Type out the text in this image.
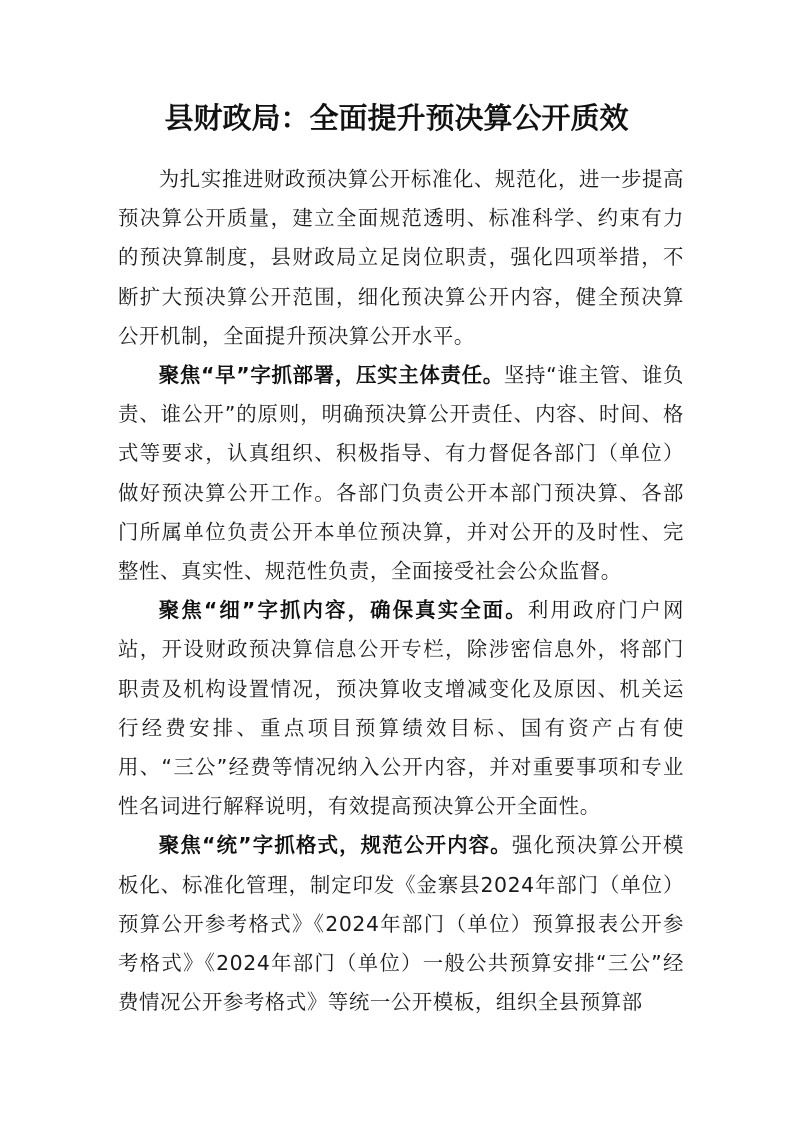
县财政局：全面提升预决算公开质效

为扎实推进财政预决算公开标准化、规范化，进一步提高预决算公开质量，建立全面规范透明、标准科学、约束有力的预决算制度，县财政局立足岗位职责，强化四项举措，不断扩大预决算公开范围，细化预决算公开内容，健全预决算公开机制，全面提升预决算公开水平。

聚焦“早”字抓部署，压实主体责任。坚持“谁主管、谁负责、谁公开”的原则，明确预决算公开责任、内容、时间、格式等要求，认真组织、积极指导、有力督促各部门（单位）做好预决算公开工作。各部门负责公开本部门预决算、各部门所属单位负责公开本单位预决算，并对公开的及时性、完整性、真实性、规范性负责，全面接受社会公众监督。

聚焦“细”字抓内容，确保真实全面。利用政府门户网站，开设财政预决算信息公开专栏，除涉密信息外，将部门职责及机构设置情况，预决算收支增减变化及原因、机关运行经费安排、重点项目预算绩效目标、国有资产占有使用、“三公”经费等情况纳入公开内容，并对重要事项和专业性名词进行解释说明，有效提高预决算公开全面性。

聚焦“统”字抓格式，规范公开内容。强化预决算公开模板化、标准化管理，制定印发《金寨县2024年部门（单位）预算公开参考格式》《2024年部门（单位）预算报表公开参考格式》《2024年部门（单位）一般公共预算安排“三公”经费情况公开参考格式》等统一公开模板，组织全县预算部
